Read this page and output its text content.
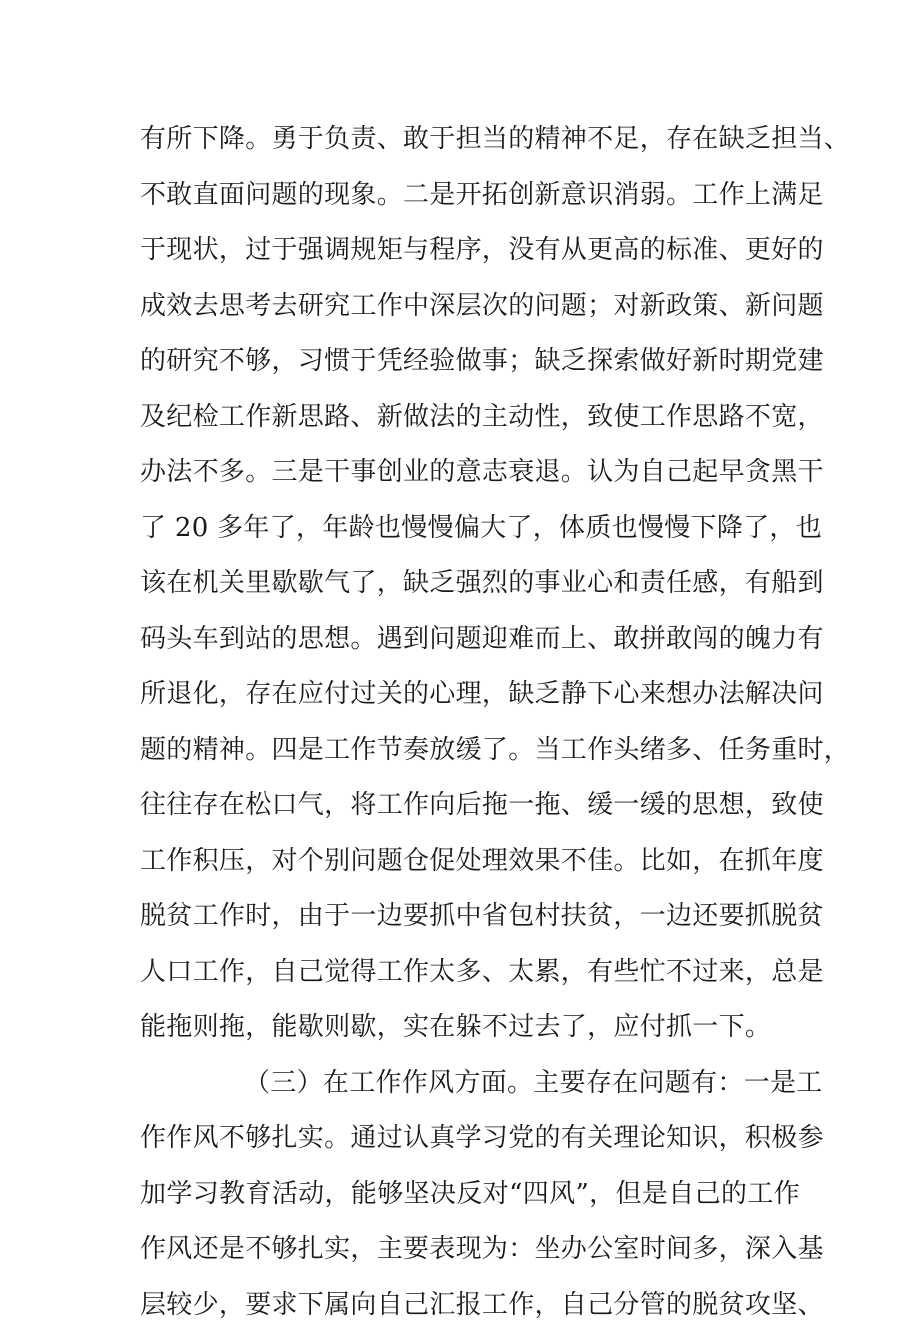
有所下降。勇于负责、敢于担当的精神不足，存在缺乏担当、
不敢直面问题的现象。二是开拓创新意识消弱。工作上满足
于现状，过于强调规矩与程序，没有从更高的标准、更好的
成效去思考去研究工作中深层次的问题；对新政策、新问题
的研究不够，习惯于凭经验做事；缺乏探索做好新时期党建
及纪检工作新思路、新做法的主动性，致使工作思路不宽，
办法不多。三是干事创业的意志衰退。认为自己起早贪黑干
了 20 多年了，年龄也慢慢偏大了，体质也慢慢下降了，也
该在机关里歇歇气了，缺乏强烈的事业心和责任感，有船到
码头车到站的思想。遇到问题迎难而上、敢拼敢闯的魄力有
所退化，存在应付过关的心理，缺乏静下心来想办法解决问
题的精神。四是工作节奏放缓了。当工作头绪多、任务重时，
往往存在松口气，将工作向后拖一拖、缓一缓的思想，致使
工作积压，对个别问题仓促处理效果不佳。比如，在抓年度
脱贫工作时，由于一边要抓中省包村扶贫，一边还要抓脱贫
人口工作，自己觉得工作太多、太累，有些忙不过来，总是
能拖则拖，能歇则歇，实在躲不过去了，应付抓一下。
（三）在工作作风方面。主要存在问题有：一是工
作作风不够扎实。通过认真学习党的有关理论知识，积极参
加学习教育活动，能够坚决反对“四风”，但是自己的工作
作风还是不够扎实，主要表现为：坐办公室时间多，深入基
层较少，要求下属向自己汇报工作，自己分管的脱贫攻坚、
